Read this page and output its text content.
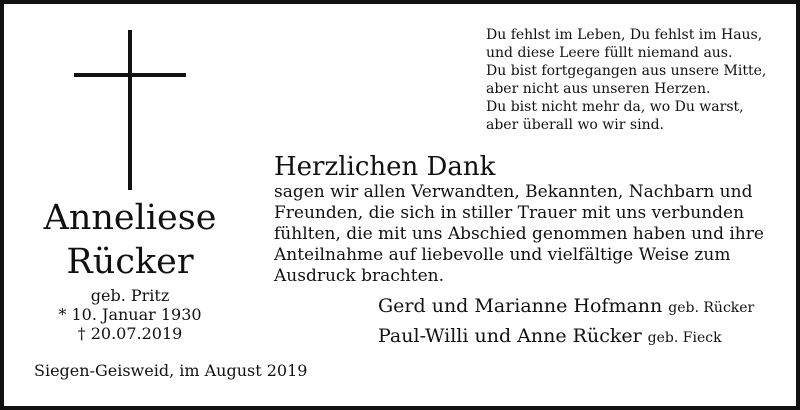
Anneliese
Rücker
geb. Pritz
* 10. Januar 1930
† 20.07.2019
Siegen-Geisweid, im August 2019
Du fehlst im Leben, Du fehlst im Haus,
und diese Leere füllt niemand aus.
Du bist fortgegangen aus unsere Mitte,
aber nicht aus unseren Herzen.
Du bist nicht mehr da, wo Du warst,
aber überall wo wir sind.
Herzlichen Dank
sagen wir allen Verwandten, Bekannten, Nachbarn und
Freunden, die sich in stiller Trauer mit uns verbunden
fühlten, die mit uns Abschied genommen haben und ihre
Anteilnahme auf liebevolle und vielfältige Weise zum
Ausdruck brachten.
Gerd und Marianne Hofmann geb. Rücker
Paul-Willi und Anne Rücker geb. Fieck
